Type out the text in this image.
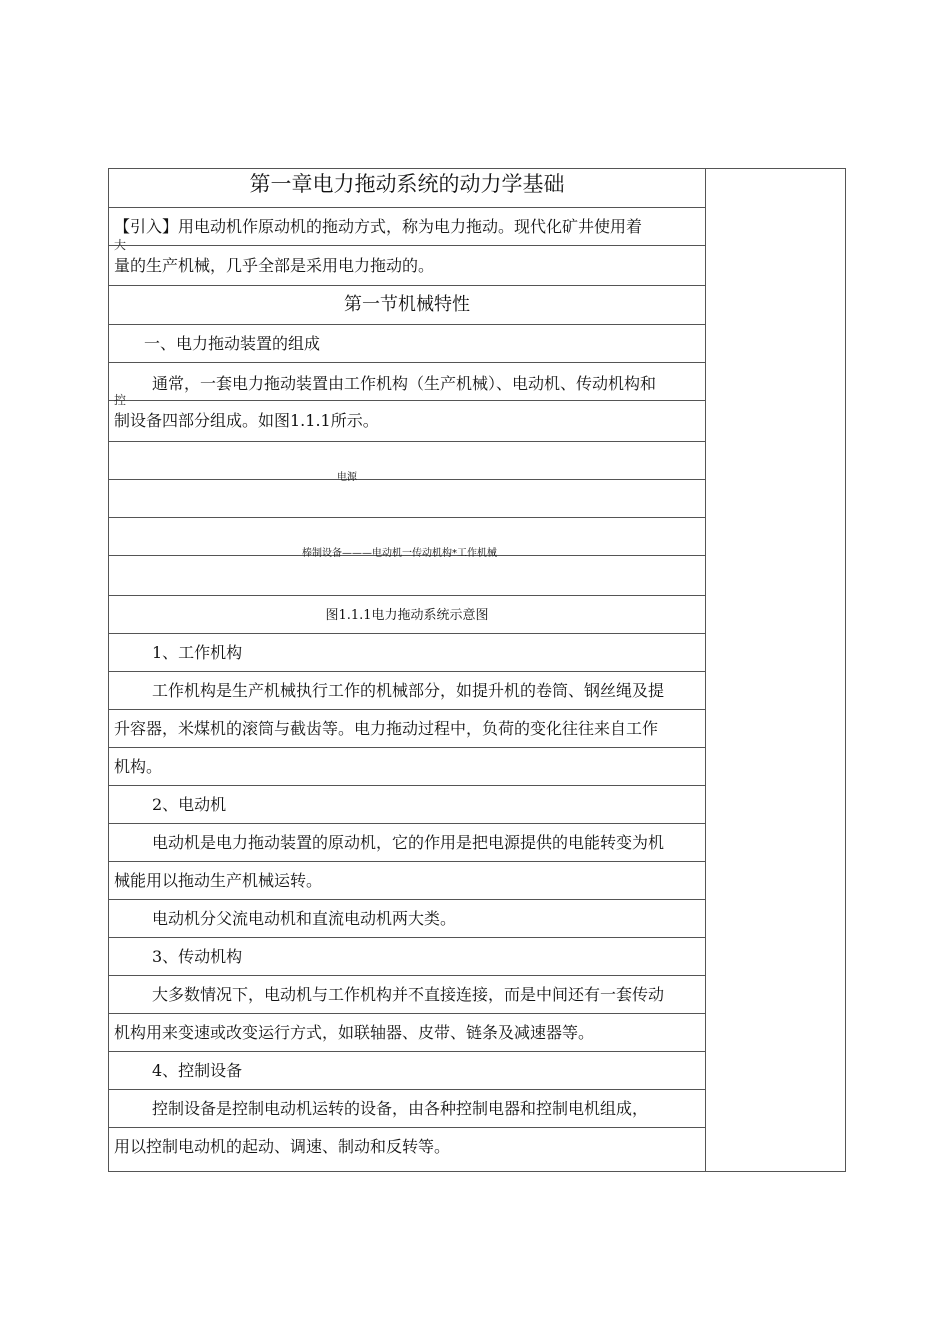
第一章电力拖动系统的动力学基础
【引入】用电动机作原动机的拖动方式，称为电力拖动。现代化矿井使用着
大
量的生产机械，几乎全部是采用电力拖动的。
第一节机械特性
一、电力拖动装置的组成
通常，一套电力拖动装置由工作机构（生产机械）、电动机、传动机构和
控
制设备四部分组成。如图1.1.1所示。
电源
棒制设备———电动机一传动机构*工作机械
图1.1.1电力拖动系统示意图
1、工作机构
工作机构是生产机械执行工作的机械部分，如提升机的卷筒、钢丝绳及提
升容器，米煤机的滚筒与截齿等。电力拖动过程中，负荷的变化往往来自工作
机构。
2、电动机
电动机是电力拖动装置的原动机，它的作用是把电源提供的电能转变为机
械能用以拖动生产机械运转。
电动机分父流电动机和直流电动机两大类。
3、传动机构
大多数情况下，电动机与工作机构并不直接连接，而是中间还有一套传动
机构用来变速或改变运行方式，如联轴器、皮带、链条及减速器等。
4、控制设备
控制设备是控制电动机运转的设备，由各种控制电器和控制电机组成，
用以控制电动机的起动、调速、制动和反转等。
